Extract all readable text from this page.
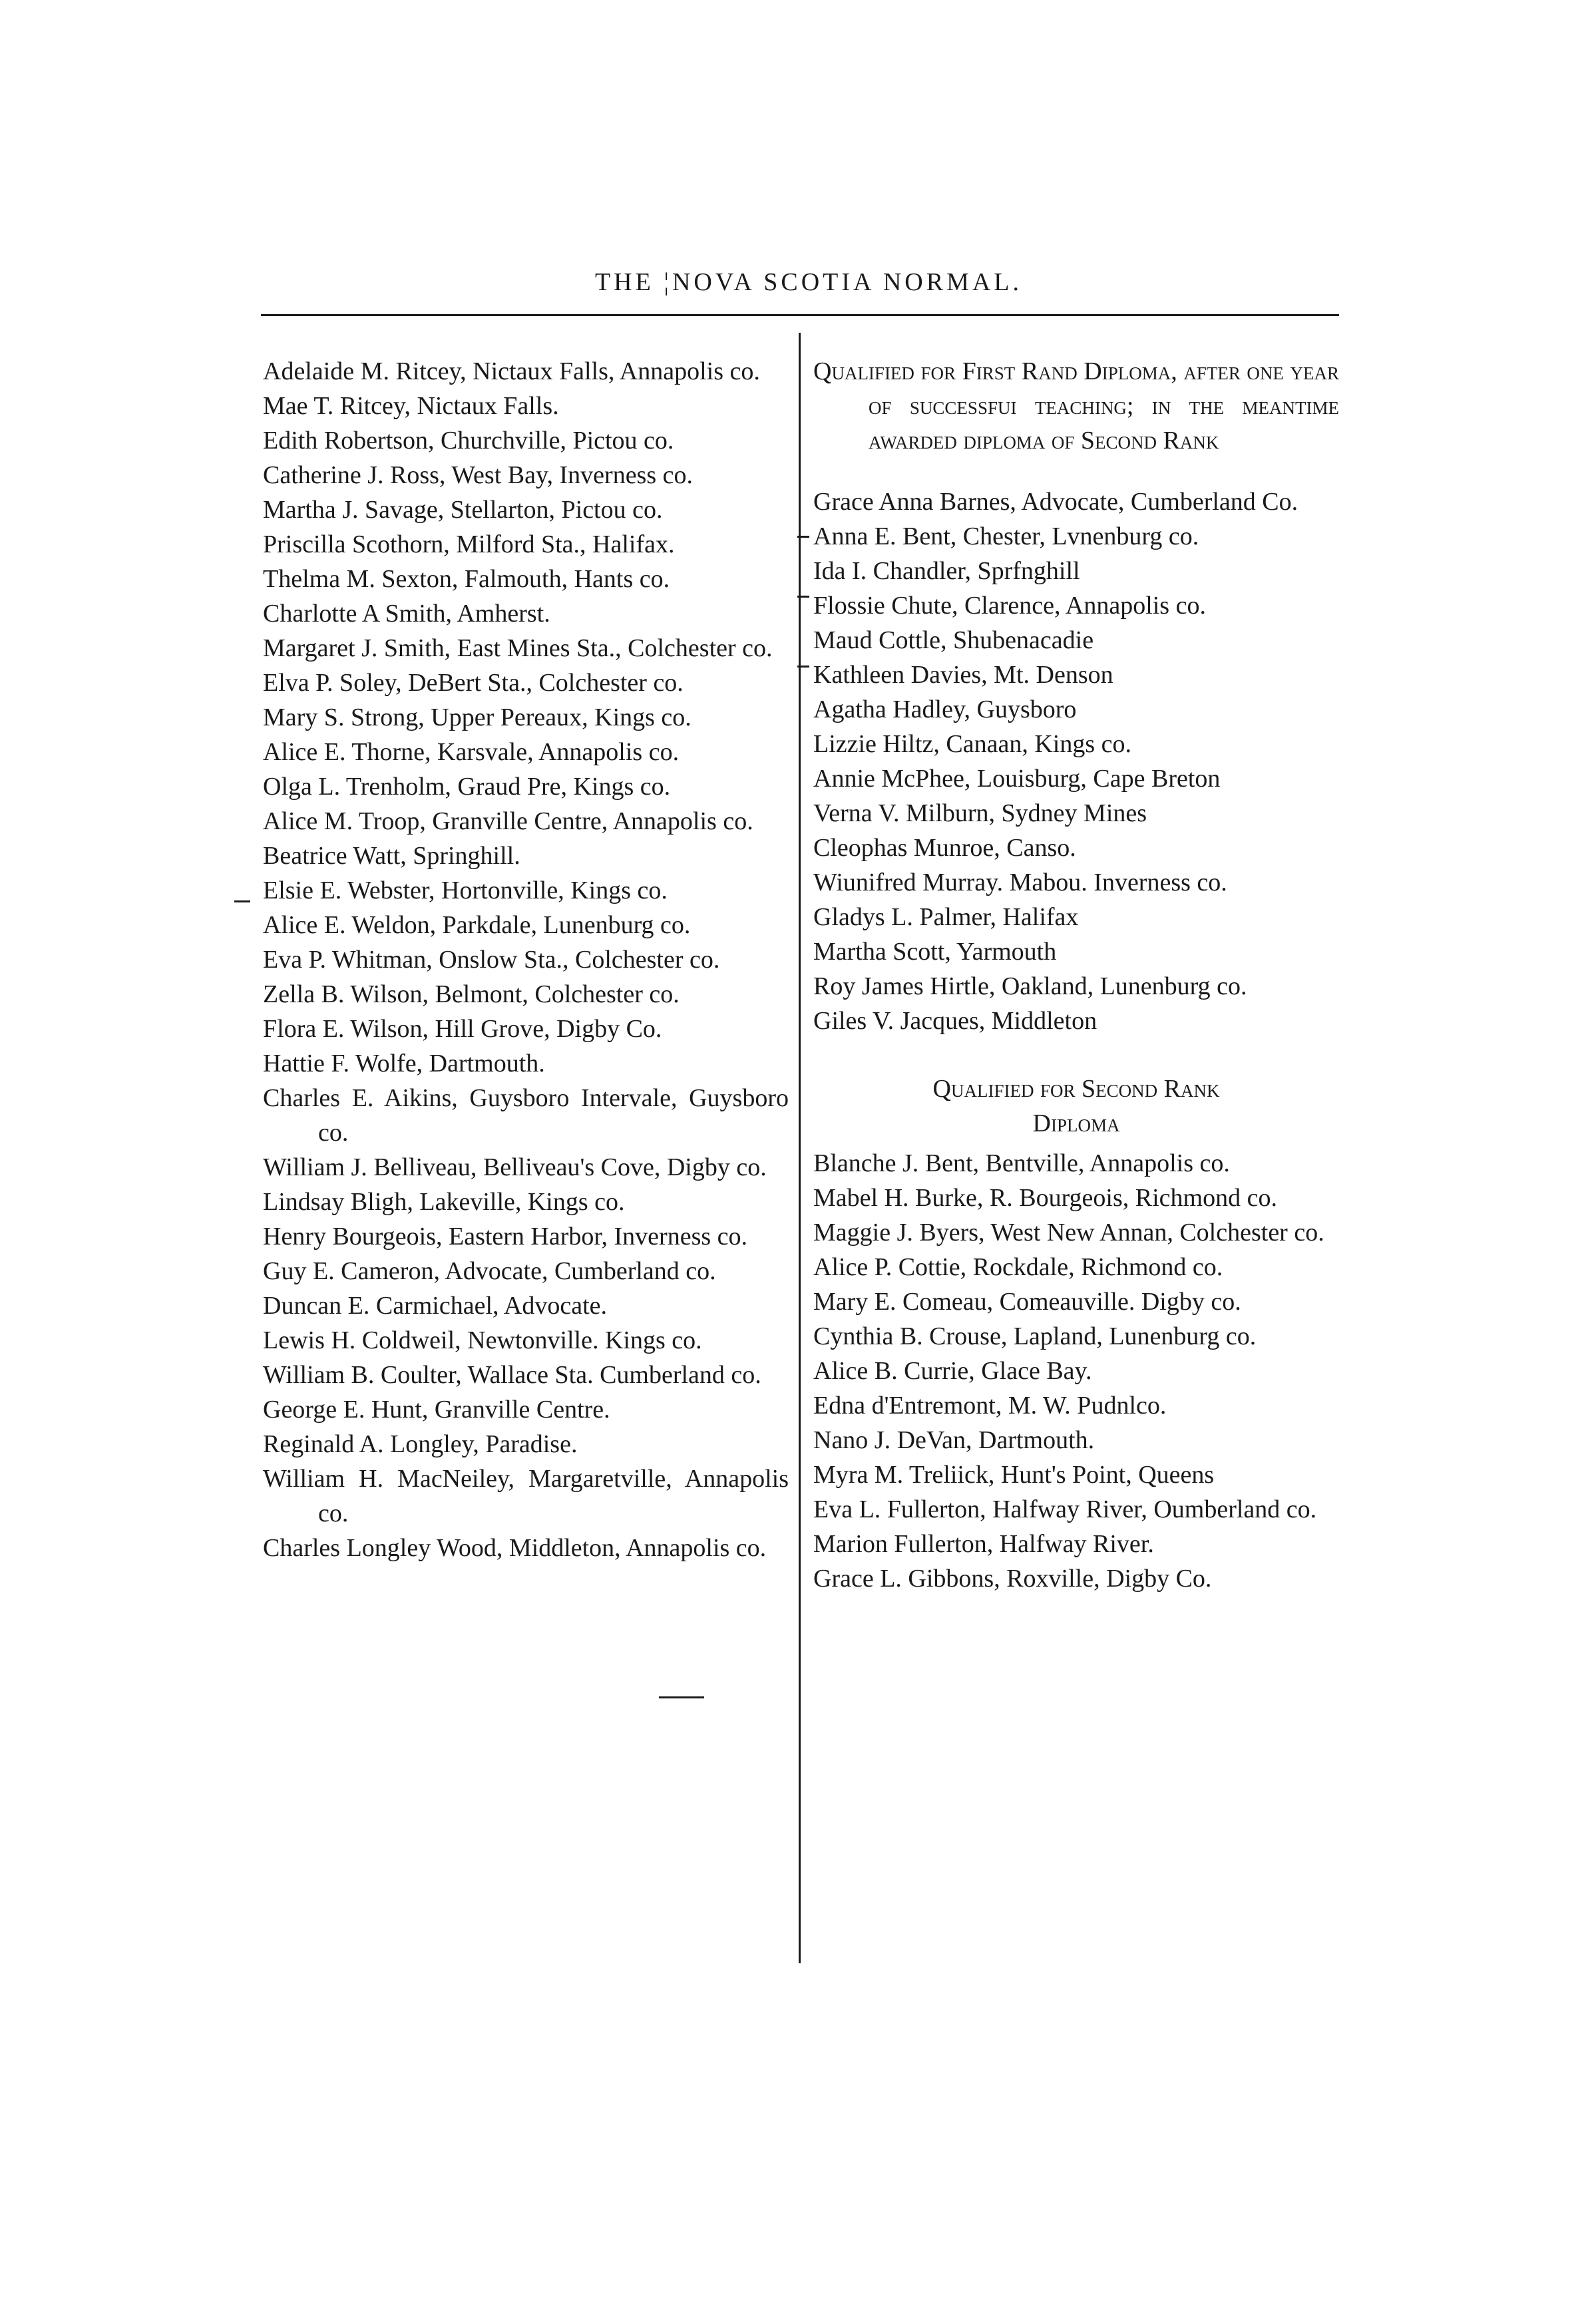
THE ¦NOVA SCOTIA NORMAL.
Adelaide M. Ritcey, Nictaux Falls, Annapolis co.
Mae T. Ritcey, Nictaux Falls.
Edith Robertson, Churchville, Pictou co.
Catherine J. Ross, West Bay, Inverness co.
Martha J. Savage, Stellarton, Pictou co.
Priscilla Scothorn, Milford Sta., Halifax.
Thelma M. Sexton, Falmouth, Hants co.
Charlotte A Smith, Amherst.
Margaret J. Smith, East Mines Sta., Colchester co.
Elva P. Soley, DeBert Sta., Colchester co.
Mary S. Strong, Upper Pereaux, Kings co.
Alice E. Thorne, Karsvale, Annapolis co.
Olga L. Trenholm, Graud Pre, Kings co.
Alice M. Troop, Granville Centre, Annapolis co.
Beatrice Watt, Springhill.
Elsie E. Webster, Hortonville, Kings co.
Alice E. Weldon, Parkdale, Lunenburg co.
Eva P. Whitman, Onslow Sta., Colchester co.
Zella B. Wilson, Belmont, Colchester co.
Flora E. Wilson, Hill Grove, Digby Co.
Hattie F. Wolfe, Dartmouth.
Charles E. Aikins, Guysboro Intervale, Guysboro co.
William J. Belliveau, Belliveau's Cove, Digby co.
Lindsay Bligh, Lakeville, Kings co.
Henry Bourgeois, Eastern Harbor, Inverness co.
Guy E. Cameron, Advocate, Cumberland co.
Duncan E. Carmichael, Advocate.
Lewis H. Coldweil, Newtonville. Kings co.
William B. Coulter, Wallace Sta. Cumberland co.
George E. Hunt, Granville Centre.
Reginald A. Longley, Paradise.
William H. MacNeiley, Margaretville, Annapolis co.
Charles Longley Wood, Middleton, Annapolis co.
Qualified for First Rand Diploma, after one year of successfui teaching; in the meantime awarded diploma of Second Rank
Grace Anna Barnes, Advocate, Cumberland Co.
Anna E. Bent, Chester, Lvnenburg co.
Ida I. Chandler, Sprfnghill
Flossie Chute, Clarence, Annapolis co.
Maud Cottle, Shubenacadie
Kathleen Davies, Mt. Denson
Agatha Hadley, Guysboro
Lizzie Hiltz, Canaan, Kings co.
Annie McPhee, Louisburg, Cape Breton
Verna V. Milburn, Sydney Mines
Cleophas Munroe, Canso.
Wiunifred Murray. Mabou. Inverness co.
Gladys L. Palmer, Halifax
Martha Scott, Yarmouth
Roy James Hirtle, Oakland, Lunenburg co.
Giles V. Jacques, Middleton
Qualified for Second Rank
Diploma
Blanche J. Bent, Bentville, Annapolis co.
Mabel H. Burke, R. Bourgeois, Richmond co.
Maggie J. Byers, West New Annan, Colchester co.
Alice P. Cottie, Rockdale, Richmond co.
Mary E. Comeau, Comeauville. Digby co.
Cynthia B. Crouse, Lapland, Lunenburg co.
Alice B. Currie, Glace Bay.
Edna d'Entremont, M. W. Pudnlco.
Nano J. DeVan, Dartmouth.
Myra M. Treliick, Hunt's Point, Queens
Eva L. Fullerton, Halfway River, Oumberland co.
Marion Fullerton, Halfway River.
Grace L. Gibbons, Roxville, Digby Co.
